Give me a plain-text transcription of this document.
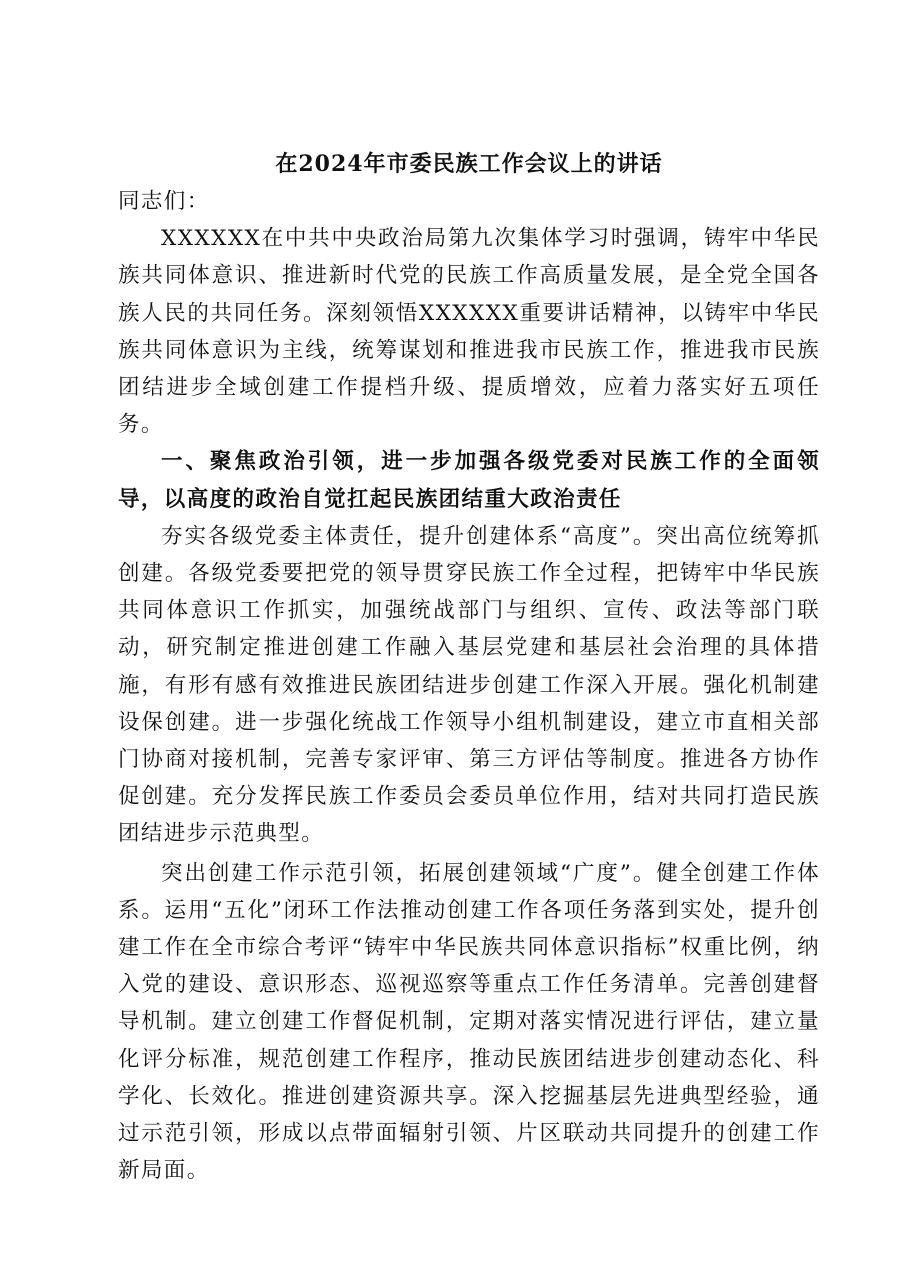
在2024年市委民族工作会议上的讲话

同志们：

XXXXXX在中共中央政治局第九次集体学习时强调，铸牢中华民族共同体意识、推进新时代党的民族工作高质量发展，是全党全国各族人民的共同任务。深刻领悟XXXXXX重要讲话精神，以铸牢中华民族共同体意识为主线，统筹谋划和推进我市民族工作，推进我市民族团结进步全域创建工作提档升级、提质增效，应着力落实好五项任务。

一、聚焦政治引领，进一步加强各级党委对民族工作的全面领导，以高度的政治自觉扛起民族团结重大政治责任

夯实各级党委主体责任，提升创建体系“高度”。突出高位统筹抓创建。各级党委要把党的领导贯穿民族工作全过程，把铸牢中华民族共同体意识工作抓实，加强统战部门与组织、宣传、政法等部门联动，研究制定推进创建工作融入基层党建和基层社会治理的具体措施，有形有感有效推进民族团结进步创建工作深入开展。强化机制建设保创建。进一步强化统战工作领导小组机制建设，建立市直相关部门协商对接机制，完善专家评审、第三方评估等制度。推进各方协作促创建。充分发挥民族工作委员会委员单位作用，结对共同打造民族团结进步示范典型。

突出创建工作示范引领，拓展创建领域“广度”。健全创建工作体系。运用“五化”闭环工作法推动创建工作各项任务落到实处，提升创建工作在全市综合考评“铸牢中华民族共同体意识指标”权重比例，纳入党的建设、意识形态、巡视巡察等重点工作任务清单。完善创建督导机制。建立创建工作督促机制，定期对落实情况进行评估，建立量化评分标准，规范创建工作程序，推动民族团结进步创建动态化、科学化、长效化。推进创建资源共享。深入挖掘基层先进典型经验，通过示范引领，形成以点带面辐射引领、片区联动共同提升的创建工作新局面。
